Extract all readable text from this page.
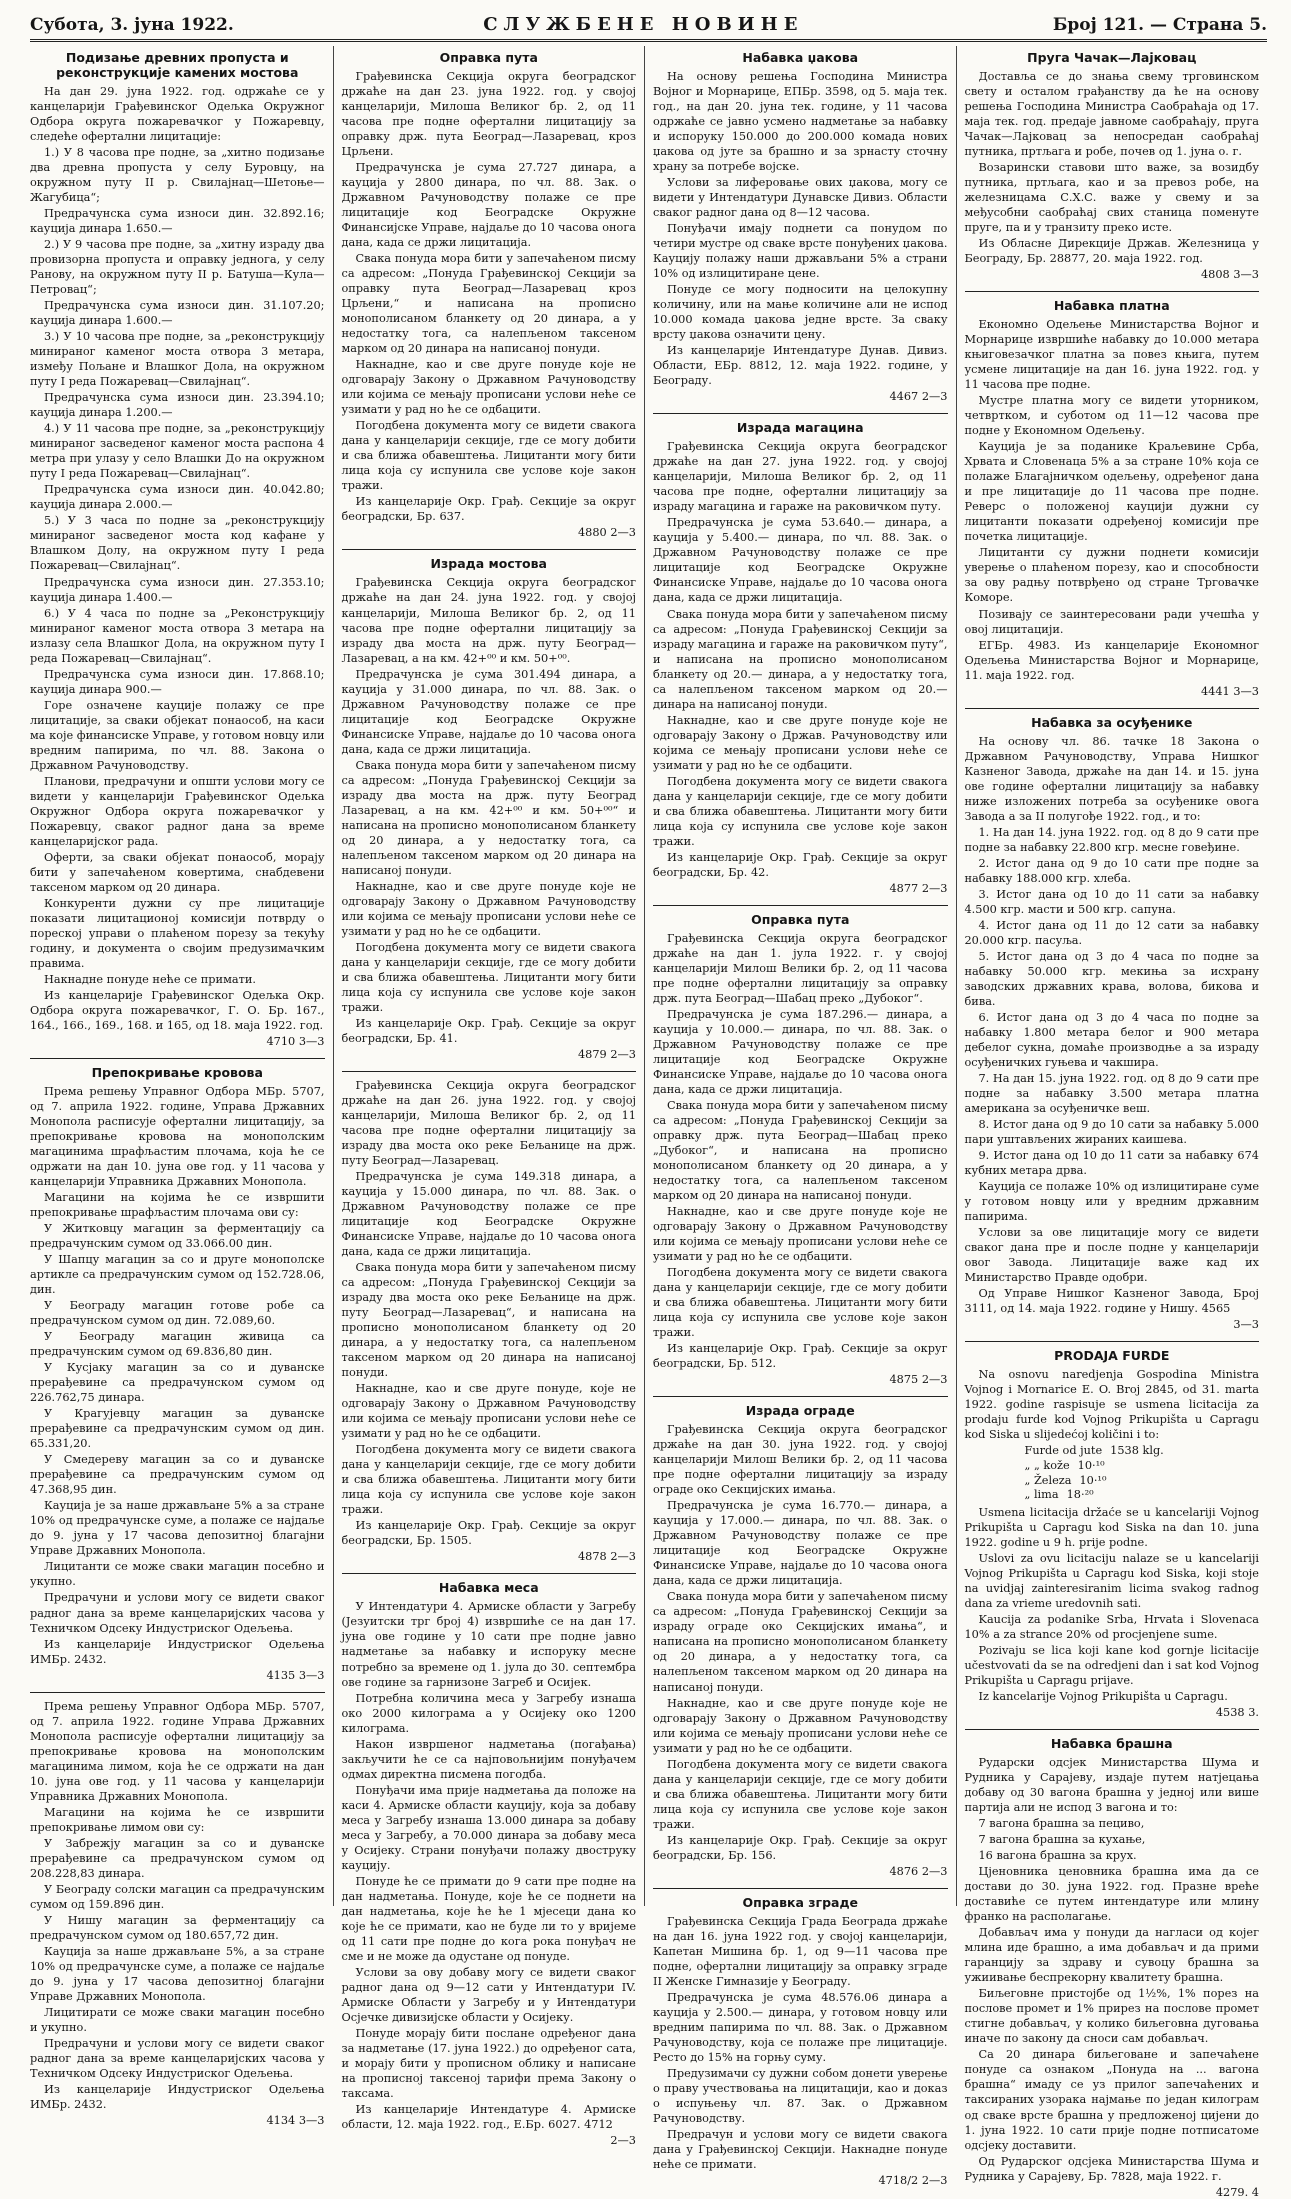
Субота, 3. јуна 1922.	СЛУЖБЕНЕ НОВИНЕ	Број 121. — Страна 5.
Подизање древних пропуста и реконструкције камених мостова

На дан 29. јуна 1922. год. одржаће се у канцеларији Грађевинског Одељка Окружног Одбора округа пожаревачког у Пожаревцу, следеће офертални лицитације:

1.) У 8 часова пре подне, за „хитно подизање два древна пропуста у селу Буровцу, на окружном путу II р. Свилајнац—Шетоње—Жагубица“;

Предрачунска сума износи дин. 32.892.16; кауција динара 1.650.—

2.) У 9 часова пре подне, за „хитну израду два провизорна пропуста и оправку једнога, у селу Ранову, на окружном путу II р. Батуша—Кула—Петровац“;

Предрачунска сума износи дин. 31.107.20; кауција динара 1.600.—

3.) У 10 часова пре подне, за „реконструкцију минираног каменог моста отвора 3 метара, између Пољане и Влашког Дола, на окружном путу I реда Пожаревац—Свилајнац“.

Предрачунска сума износи дин. 23.394.10; кауција динара 1.200.—

4.) У 11 часова пре подне, за „реконструкцију минираног засведеног каменог моста распона 4 метра при улазу у село Влашки До на окружном путу I реда Пожаревац—Свилајнац“.

Предрачунска сума износи дин. 40.042.80; кауција динара 2.000.—

5.) У 3 часа по подне за „реконструкцију минираног засведеног моста код кафане у Влашком Долу, на окружном путу I реда Пожаревац—Свилајнац“.

Предрачунска сума износи дин. 27.353.10; кауција динара 1.400.—

6.) У 4 часа по подне за „Реконструкцију минираног каменог моста отвора 3 метара на излазу села Влашког Дола, на окружном путу I реда Пожаревац—Свилајнац“.

Предрачунска сума износи дин. 17.868.10; кауција динара 900.—

Горе означене кауције полажу се пре лицитације, за сваки објекат понаособ, на каси ма које финансиске Управе, у готовом новцу или вредним папирима, по чл. 88. Закона о Државном Рачуноводству.

Планови, предрачуни и општи услови могу се видети у канцеларији Грађевинског Одељка Окружног Одбора округа пожаревачког у Пожаревцу, сваког радног дана за време канцеларијског рада.

Оферти, за сваки објекат понаособ, морају бити у запечаћеном ковертима, снабдевени таксеном марком од 20 динара.

Конкуренти дужни су пре лицитације показати лицитационој комисији потврду о пореској управи о плаћеном порезу за текућу годину, и документа о својим предузимачким правима.

Накнадне понуде неће се примати.

Из канцеларије Грађевинског Одељка Окр. Одбора округа пожаревачког, Г. О. Бр. 167., 164., 166., 169., 168. и 165, од 18. маја 1922. год.

4710 3—3
Препокривање кровова

Према решењу Управног Одбора МБр. 5707, од 7. априла 1922. године, Управа Државних Монопола расписује офертални лицитацију, за препокривање кровова на монополским магацинима шрафљастим плочама, која ће се одржати на дан 10. јуна ове год. у 11 часова у канцеларији Управника Државних Монопола.

Магацини на којима ће се извршити препокривање шрафљастим плочама ови су:

У Житковцу магацин за ферментацију са предрачунским сумом од 33.066.00 дин.

У Шапцу магацин за со и друге монополске артикле са предрачунским сумом од 152.728.06, дин.

У Београду магацин готове робе са предрачунском сумом од дин. 72.089,60.

У Београду магацин живица са предрачунским сумом од 69.836,80 дин.

У Кусјаку магацин за со и дуванске прерађевине са предрачунском сумом од 226.762,75 динара.

У Крагујевцу магацин за дуванске прерађевине са предрачунским сумом од дин. 65.331,20.

У Смедереву магацин за со и дуванске прерађевине са предрачунским сумом од 47.368,95 дин.

Кауција је за наше држављане 5% а за стране 10% од предрачунске суме, а полаже се најдаље до 9. јуна у 17 часова депозитној благајни Управе Државних Монопола.

Лицитанти се може сваки магацин посебно и укупно.

Предрачуни и услови могу се видети сваког радног дана за време канцеларијских часова у Техничком Одсеку Индустриског Одељења.

Из канцеларије Индустриског Одељења ИМБр. 2432.

4135 3—3

Према решењу Управног Одбора МБр. 5707, од 7. априла 1922. године Управа Државних Монопола расписује офертални лицитацију за препокривање кровова на монополским магацинима лимом, која ће се одржати на дан 10. јуна ове год. у 11 часова у канцеларији Управника Државних Монопола.

Магацини на којима ће се извршити препокривање лимом ови су:

У Забрежју магацин за со и дуванске прерађевине са предрачунском сумом од 208.228,83 динара.

У Београду солски магацин са предрачунским сумом од 159.896 дин.

У Нишу магацин за ферментацију са предрачунском сумом од 180.657,72 дин.

Кауција за наше држављане 5%, а за стране 10% од предрачунске суме, а полаже се најдаље до 9. јуна у 17 часова депозитној благајни Управе Државних Монопола.

Лицитирати се може сваки магацин посебно и укупно.

Предрачуни и услови могу се видети сваког радног дана за време канцеларијских часова у Техничком Одсеку Индустриског Одељења.

Из канцеларије Индустриског Одељења ИМБр. 2432.

4134 3—3
Оправка пута

Грађевинска Секција округа београдског држаће на дан 23. јуна 1922. год. у својој канцеларији, Милоша Великог бр. 2, од 11 часова пре подне офертални лицитацију за оправку држ. пута Београд—Лазаревац, кроз Црљени.

Предрачунска је сума 27.727 динара, а кауција у 2800 динара, по чл. 88. Зак. о Државном Рачуноводству полаже се пре лицитације код Београдске Окружне Финансијске Управе, најдаље до 10 часова онога дана, када се држи лицитација.

Свака понуда мора бити у запечаћеном писму са адресом: „Понуда Грађевинској Секцији за оправку пута Београд—Лазаревац кроз Црљени,“ и написана на прописно монополисаном бланкету од 20 динара, а у недостатку тога, са налепљеном таксеном марком од 20 динара на написаној понуди.

Накнадне, као и све друге понуде које не одговарају Закону о Државном Рачуноводству или којима се мењају прописани услови неће се узимати у рад но ће се одбацити.

Погодбена документа могу се видети свакога дана у канцеларији секције, где се могу добити и сва ближа обавештења. Лицитанти могу бити лица која су испунила све услове које закон тражи.

Из канцеларије Окр. Грађ. Секције за округ београдски, Бр. 637.

4880 2—3
Израда мостова

Грађевинска Секција округа београдског држаће на дан 24. јуна 1922. год. у својој канцеларији, Милоша Великог бр. 2, од 11 часова пре подне офертални лицитацију за израду два моста на држ. путу Београд—Лазаревац, а на км. 42+⁰⁰ и км. 50+⁰⁰.

Предрачунска је сума 301.494 динара, а кауција у 31.000 динара, по чл. 88. Зак. о Државном Рачуноводству полаже се пре лицитације код Београдске Окружне Финансиске Управе, најдаље до 10 часова онога дана, када се држи лицитација.

Свака понуда мора бити у запечаћеном писму са адресом: „Понуда Грађевинској Секцији за израду два моста на држ. путу Београд Лазаревац, а на км. 42+⁰⁰ и км. 50+⁰⁰“ и написана на прописно монополисаном бланкету од 20 динара, а у недостатку тога, са налепљеном таксеном марком од 20 динара на написаној понуди.

Накнадне, као и све друге понуде које не одговарају Закону о Државном Рачуноводству или којима се мењају прописани услови неће се узимати у рад но ће се одбацити.

Погодбена документа могу се видети свакога дана у канцеларији секције, где се могу добити и сва ближа обавештења. Лицитанти могу бити лица која су испунила све услове које закон тражи.

Из канцеларије Окр. Грађ. Секције за округ београдски, Бр. 41.

4879 2—3

Грађевинска Секција округа београдског држаће на дан 26. јуна 1922. год. у својој канцеларији, Милоша Великог бр. 2, од 11 часова пре подне офертални лицитацију за израду два моста око реке Бељанице на држ. путу Београд—Лазаревац.

Предрачунска је сума 149.318 динара, а кауција у 15.000 динара, по чл. 88. Зак. о Државном Рачуноводству полаже се пре лицитације код Београдске Окружне Финансиске Управе, најдаље до 10 часова онога дана, када се држи лицитација.

Свака понуда мора бити у запечаћеном писму са адресом: „Понуда Грађевинској Секцији за израду два моста око реке Бељанице на држ. путу Београд—Лазаревац“, и написана на прописно монополисаном бланкету од 20 динара, а у недостатку тога, са налепљеном таксеном марком од 20 динара на написаној понуди.

Накнадне, као и све друге понуде, које не одговарају Закону о Државном Рачуноводству или којима се мењају прописани услови неће се узимати у рад но ће се одбацити.

Погодбена документа могу се видети свакога дана у канцеларији секције, где се могу добити и сва ближа обавештења. Лицитанти могу бити лица која су испунила све услове које закон тражи.

Из канцеларије Окр. Грађ. Секције за округ београдски, Бр. 1505.

4878 2—3
Набавка меса

У Интендатури 4. Армиске области у Загребу (Језуитски трг број 4) извршиће се на дан 17. јуна ове године у 10 сати пре подне јавно надметање за набавку и испоруку месне потребно за времене од 1. јула до 30. септембра ове године за гарнизоне Загреб и Осијек.

Потребна количина меса у Загребу изнаша око 2000 килограма а у Осијеку око 1200 килограма.

Након извршеног надметања (погађања) закључити ће се са најповољнијим понуђачем одмах директна писмена погодба.

Понуђачи има прије надметања да положе на каси 4. Армиске области кауцију, која за добаву меса у Загребу изнаша 13.000 динара за добаву меса у Загребу, а 70.000 динара за добаву меса у Осијеку. Страни понуђачи полажу двоструку кауцију.

Понуде ће се примати до 9 сати пре подне на дан надметања. Понуде, које ће се поднети на дан надметања, које ће ће 1 мјесеци дана ко које ће се примати, као не буде ли то у вријеме од 11 сати пре подне до кога рока понуђач не сме и не може да одустане од понуде.

Услови за ову добаву могу се видети сваког радног дана од 9—12 сати у Интендатури IV. Армиске Области у Загребу и у Интендатури Осјечке дивизијске области у Осијеку.

Понуде морају бити послане одређеног дана за надметање (17. јуна 1922.) до одређеног сата, и морају бити у прописном облику и написане на прописној таксеној тарифи према Закону о таксама.

Из канцеларије Интендатуре 4. Армиске области, 12. маја 1922. год., Е.Бр. 6027. 4712

2—3
Набавка џакова

На основу решења Господина Министра Војног и Морнарице, ЕПБр. 3598, од 5. маја тек. год., на дан 20. јуна тек. године, у 11 часова одржаће се јавно усмено надметање за набавку и испоруку 150.000 до 200.000 комада нових џакова од јуте за брашно и за зрнасту сточну храну за потребе војске.

Услови за лиферовање ових џакова, могу се видети у Интендатури Дунавске Дивиз. Области сваког радног дана од 8—12 часова.

Понуђачи имају поднети са понудом по четири мустре од сваке врсте понуђених џакова. Кауцију полажу наши држављани 5% а страни 10% од излицитиране цене.

Понуде се могу подносити на целокупну количину, или на мање количине али не испод 10.000 комада џакова једне врсте. За сваку врсту џакова означити цену.

Из канцеларије Интендатуре Дунав. Дивиз. Области, ЕБр. 8812, 12. маја 1922. године, у Београду.

4467 2—3
Израда магацина

Грађевинска Секција округа београдског држаће на дан 27. јуна 1922. год. у својој канцеларији, Милоша Великог бр. 2, од 11 часова пре подне, офертални лицитацију за израду магацина и гараже на раковичком путу.

Предрачунска је сума 53.640.— динара, а кауција у 5.400.— динара, по чл. 88. Зак. о Државном Рачуноводству полаже се пре лицитације код Београдске Окружне Финансиске Управе, најдаље до 10 часова онога дана, када се држи лицитација.

Свака понуда мора бити у запечаћеном писму са адресом: „Понуда Грађевинској Секцији за израду магацина и гараже на раковичком путу“, и написана на прописно монополисаном бланкету од 20.— динара, а у недостатку тога, са налепљеном таксеном марком од 20.— динара на написаној понуди.

Накнадне, као и све друге понуде које не одговарају Закону о Држав. Рачуноводству или којима се мењају прописани услови неће се узимати у рад но ће се одбацити.

Погодбена документа могу се видети свакога дана у канцеларији секције, где се могу добити и сва ближа обавештења. Лицитанти могу бити лица која су испунила све услове које закон тражи.

Из канцеларије Окр. Грађ. Секције за округ београдски, Бр. 42.

4877 2—3
Оправка пута

Грађевинска Секција округа београдског држаће на дан 1. јула 1922. г. у својој канцеларији Милош Велики бр. 2, од 11 часова пре подне офертални лицитацију за оправку држ. пута Београд—Шабац преко „Дубоког“.

Предрачунска је сума 187.296.— динара, а кауција у 10.000.— динара, по чл. 88. Зак. о Државном Рачуноводству полаже се пре лицитације код Београдске Окружне Финансиске Управе, најдаље до 10 часова онога дана, када се држи лицитација.

Свака понуда мора бити у запечаћеном писму са адресом: „Понуда Грађевинској Секцији за оправку држ. пута Београд—Шабац преко „Дубоког“, и написана на прописно монополисаном бланкету од 20 динара, а у недостатку тога, са налепљеном таксеном марком од 20 динара на написаној понуди.

Накнадне, као и све друге понуде које не одговарају Закону о Државном Рачуноводству или којима се мењају прописани услови неће се узимати у рад но ће се одбацити.

Погодбена документа могу се видети свакога дана у канцеларији секције, где се могу добити и сва ближа обавештења. Лицитанти могу бити лица која су испунила све услове које закон тражи.

Из канцеларије Окр. Грађ. Секције за округ београдски, Бр. 512.

4875 2—3
Израда ограде

Грађевинска Секција округа београдског држаће на дан 30. јуна 1922. год. у својој канцеларији Милош Велики бр. 2, од 11 часова пре подне офертални лицитацију за израду ограде око Секцијских имања.

Предрачунска је сума 16.770.— динара, а кауција у 17.000.— динара, по чл. 88. Зак. о Државном Рачуноводству полаже се пре лицитације код Београдске Окружне Финансиске Управе, најдаље до 10 часова онога дана, када се држи лицитација.

Свака понуда мора бити у запечаћеном писму са адресом: „Понуда Грађевинској Секцији за израду ограде око Секцијских имања“, и написана на прописно монополисаном бланкету од 20 динара, а у недостатку тога, са налепљеном таксеном марком од 20 динара на написаној понуди.

Накнадне, као и све друге понуде које не одговарају Закону о Државном Рачуноводству или којима се мењају прописани услови неће се узимати у рад но ће се одбацити.

Погодбена документа могу се видети свакога дана у канцеларији секције, где се могу добити и сва ближа обавештења. Лицитанти могу бити лица која су испунила све услове које закон тражи.

Из канцеларије Окр. Грађ. Секције за округ београдски, Бр. 156.

4876 2—3
Оправка зграде

Грађевинска Секција Града Београда држаће на дан 16. јуна 1922 год. у својој канцеларији, Капетан Мишина бр. 1, од 9—11 часова пре подне, офертални лицитацију за оправку зграде II Женске Гимназије у Београду.

Предрачунска је сума 48.576.06 динара а кауција у 2.500.— динара, у готовом новцу или вредним папирима по чл. 88. Зак. о Државном Рачуноводству, која се полаже пре лицитације. Ресто до 15% на горњу суму.

Предузимачи су дужни собом донети уверење о праву учествовања на лицитацији, као и доказ о испуњењу чл. 87. Зак. о Државном Рачуноводству.

Предрачун и услови могу се видети свакога дана у Грађевинској Секцији. Накнадне понуде неће се примати.

4718/2 2—3
Пруга Чачак—Лајковац

Доставља се до знања свему трговинском свету и осталом грађанству да ће на основу решења Господина Министра Саобраћаја од 17. маја тек. год. предаје јавноме саобраћају, пруга Чачак—Лајковац за непосредан саобраћај путника, пртљага и робе, почев од 1. јуна о. г.

Возарински ставови што важе, за возидбу путника, пртљага, као и за превоз робе, на железницама С.Х.С. важе у свему и за међусобни саобраћај свих станица поменуте пруге, па и у транзиту преко исте.

Из Обласне Дирекције Држав. Железница у Београду, Бр. 28877, 20. маја 1922. год.

4808 3—3
Набавка платна

Економно Одељење Министарства Војног и Морнарице извршиће набавку до 10.000 метара књиговезачког платна за повез књига, путем усмене лицитације на дан 16. јуна 1922. год. у 11 часова пре подне.

Мустре платна могу се видети уторником, четвртком, и суботом од 11—12 часова пре подне у Економном Одељењу.

Кауција је за поданике Краљевине Срба, Хрвата и Словенаца 5% а за стране 10% која се полаже Благајничком одељењу, одређеног дана и пре лицитације до 11 часова пре подне. Реверс о положеној кауцији дужни су лицитанти показати одређеној комисији пре почетка лицитације.

Лицитанти су дужни поднети комисији уверење о плаћеном порезу, као и способности за ову радњу потврђено од стране Трговачке Коморе.

Позивају се заинтересовани ради учешћа у овој лицитацији.

ЕГБр. 4983. Из канцеларије Економног Одељења Министарства Војног и Морнарице, 11. маја 1922. год.

4441 3—3
Набавка за осуђенике

На основу чл. 86. тачке 18 Закона о Државном Рачуноводству, Управа Нишког Казненог Завода, држаће на дан 14. и 15. јуна ове године офертални лицитацију за набавку ниже изложених потреба за осуђенике овога Завода а за II полугође 1922. год., и то:

1. На дан 14. јуна 1922. год. од 8 до 9 сати пре подне за набавку 22.800 кгр. месне говеђине.

2. Истог дана од 9 до 10 сати пре подне за набавку 188.000 кгр. хлеба.

3. Истог дана од 10 до 11 сати за набавку 4.500 кгр. масти и 500 кгр. сапуна.

4. Истог дана од 11 до 12 сати за набавку 20.000 кгр. пасуља.

5. Истог дана од 3 до 4 часа по подне за набавку 50.000 кгр. мекиња за исхрану заводских државних крава, волова, бикова и бива.

6. Истог дана од 3 до 4 часа по подне за набавку 1.800 метара белог и 900 метара дебелог сукна, домаће производње а за израду осуђеничких гуњева и чакшира.

7. На дан 15. јуна 1922. год. од 8 до 9 сати пре подне за набавку 3.500 метара платна американа за осуђеничке веш.

8. Истог дана од 9 до 10 сати за набавку 5.000 пари уштављених жираних каишева.

9. Истог дана од 10 до 11 сати за набавку 674 кубних метара дрва.

Кауција се полаже 10% од излицитиране суме у готовом новцу или у вредним државним папирима.

Услови за ове лицитације могу се видети сваког дана пре и после подне у канцеларији овог Завода. Лицитације важе кад их Министарство Правде одобри.

Од Управе Нишког Казненог Завода, Број 3111, од 14. маја 1922. године у Нишу. 4565

3—3
PRODAJA FURDE

Na osnovu naredjenja Gospodina Ministra Vojnog i Mornarice E. O. Broj 2845, od 31. marta 1922. godine raspisuje se usmena licitacija za prodaju furde kod Vojnog Prikupišta u Capragu kod Siska u slijedećoj količini i to:

Furde od jute 1538 klg.
„ „ kože 10·¹⁰
„ Železa 10·¹⁰
„ lima 18·²⁰

Usmena licitacija držaće se u kancelariji Vojnog Prikupišta u Capragu kod Siska na dan 10. juna 1922. godine u 9 h. prije podne.

Uslovi za ovu licitaciju nalaze se u kancelariji Vojnog Prikupišta u Capragu kod Siska, koji stoje na uvidjaj zainteresiranim licima svakog radnog dana za vrieme uredovnih sati.

Kaucija za podanike Srba, Hrvata i Slovenaca 10% a za strance 20% od procjenjene sume.

Pozivaju se lica koji kane kod gornje licitacije učestvovati da se na odredjeni dan i sat kod Vojnog Prikupišta u Capragu prijave.

Iz kancelarije Vojnog Prikupišta u Capragu.

4538 3.
Набавка брашна

Рударски одсјек Министарства Шума и Рудника у Сарајеву, издаје путем натјецања добаву од 30 вагона брашна у једној или више партија али не испод 3 вагона и то:

7 вагона брашна за пециво,

7 вагона брашна за кухање,

16 вагона брашна за крух.

Цјеновника ценовника брашна има да се достави до 30. јуна 1922. год. Празне вреће доставиће се путем интендатуре или млину франко на располагање.

Добављач има у понуди да нагласи од којег млина иде брашно, а има добављач и да прими гаранцију за здраву и сувоцу брашна за ужиивање беспрекорну квалитету брашна.

Биљеговне пристојбе од 1½%, 1% порез на послове промет и 1% прирез на послове промет стигне добављач, у колико биљеговна дуговања иначе по закону да сноси сам добављач.

Са 20 динара биљеговане и запечаћене понуде са ознаком „Понуда на ... вагона брашна“ имаду се уз прилог запечаћених и таксираних узорака најмање по један килограм од сваке врсте брашна у предложеној цијени до 1. јуна 1922. 10 сати прије подне потписатоме одсјеку доставити.

Од Рударског одсјека Министарства Шума и Рудника у Сарајеву, Бр. 7828, маја 1922. г.

4279. 4
